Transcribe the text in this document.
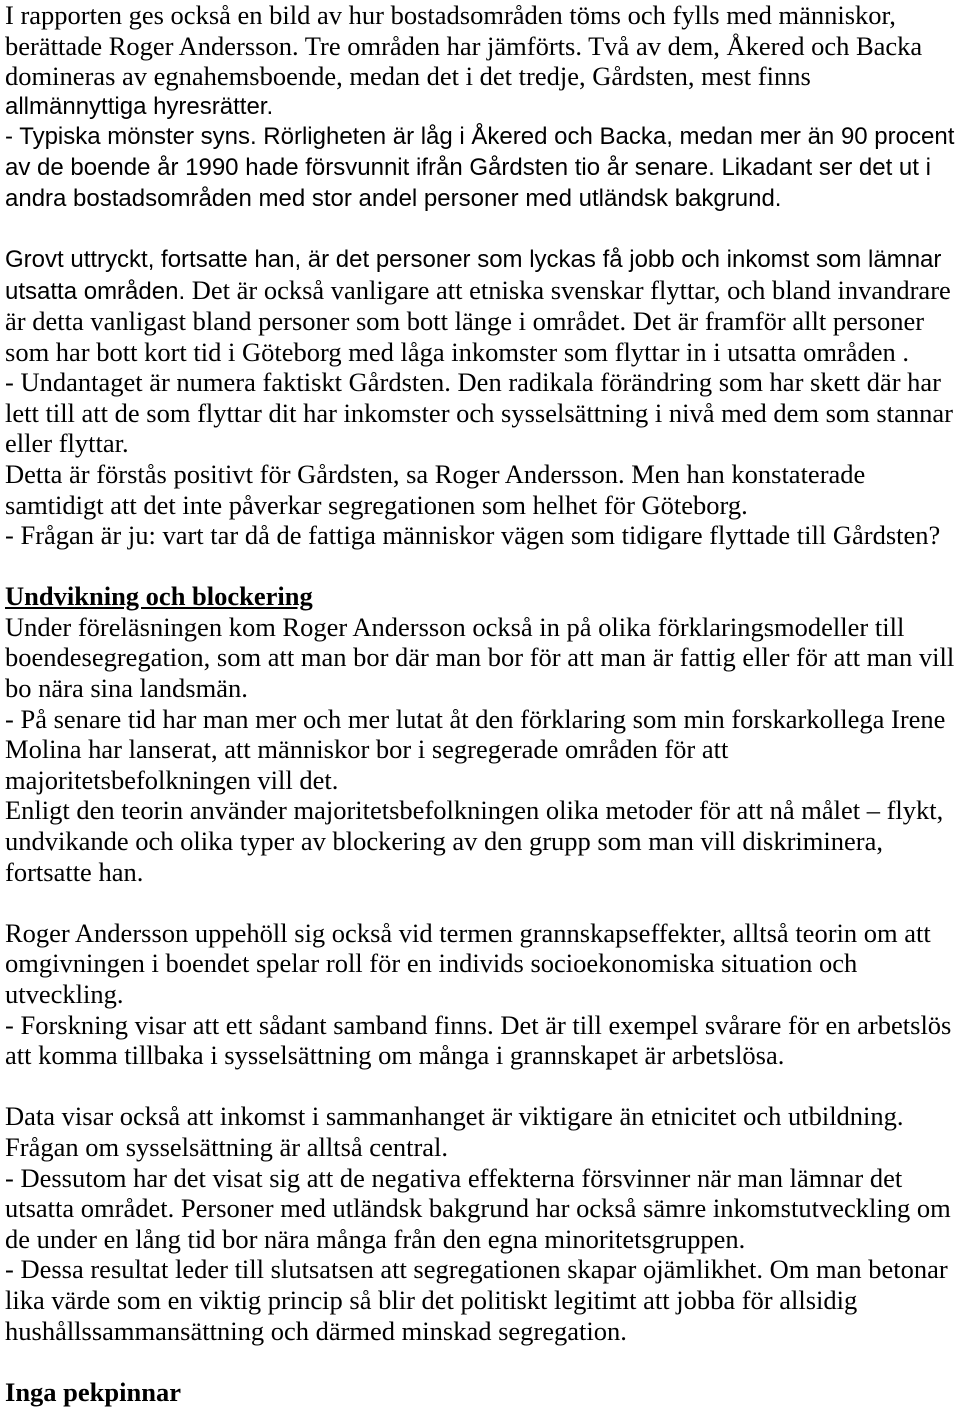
I rapporten ges också en bild av hur bostadsområden töms och fylls med människor,
berättade Roger Andersson. Tre områden har jämförts. Två av dem, Åkered och Backa
domineras av egnahemsboende, medan det i det tredje, Gårdsten, mest finns
allmännyttiga hyresrätter.
- Typiska mönster syns. Rörligheten är låg i Åkered och Backa, medan mer än 90 procent
av de boende år 1990 hade försvunnit ifrån Gårdsten tio år senare. Likadant ser det ut i
andra bostadsområden med stor andel personer med utländsk bakgrund.
Grovt uttryckt, fortsatte han, är det personer som lyckas få jobb och inkomst som lämnar
utsatta områden. Det är också vanligare att etniska svenskar flyttar, och bland invandrare
är detta vanligast bland personer som bott länge i området. Det är framför allt personer
som har bott kort tid i Göteborg med låga inkomster som flyttar in i utsatta områden .
- Undantaget är numera faktiskt Gårdsten. Den radikala förändring som har skett där har
lett till att de som flyttar dit har inkomster och sysselsättning i nivå med dem som stannar
eller flyttar.
Detta är förstås positivt för Gårdsten, sa Roger Andersson. Men han konstaterade
samtidigt att det inte påverkar segregationen som helhet för Göteborg.
- Frågan är ju: vart tar då de fattiga människor vägen som tidigare flyttade till Gårdsten?
Undvikning och blockering
Under föreläsningen kom Roger Andersson också in på olika förklaringsmodeller till
boendesegregation, som att man bor där man bor för att man är fattig eller för att man vill
bo nära sina landsmän.
- På senare tid har man mer och mer lutat åt den förklaring som min forskarkollega Irene
Molina har lanserat, att människor bor i segregerade områden för att
majoritetsbefolkningen vill det.
Enligt den teorin använder majoritetsbefolkningen olika metoder för att nå målet – flykt,
undvikande och olika typer av blockering av den grupp som man vill diskriminera,
fortsatte han.
Roger Andersson uppehöll sig också vid termen grannskapseffekter, alltså teorin om att
omgivningen i boendet spelar roll för en individs socioekonomiska situation och
utveckling.
- Forskning visar att ett sådant samband finns. Det är till exempel svårare för en arbetslös
att komma tillbaka i sysselsättning om många i grannskapet är arbetslösa.
Data visar också att inkomst i sammanhanget är viktigare än etnicitet och utbildning.
Frågan om sysselsättning är alltså central.
- Dessutom har det visat sig att de negativa effekterna försvinner när man lämnar det
utsatta området. Personer med utländsk bakgrund har också sämre inkomstutveckling om
de under en lång tid bor nära många från den egna minoritetsgruppen.
- Dessa resultat leder till slutsatsen att segregationen skapar ojämlikhet. Om man betonar
lika värde som en viktig princip så blir det politiskt legitimt att jobba för allsidig
hushållssammansättning och därmed minskad segregation.
Inga pekpinnar
